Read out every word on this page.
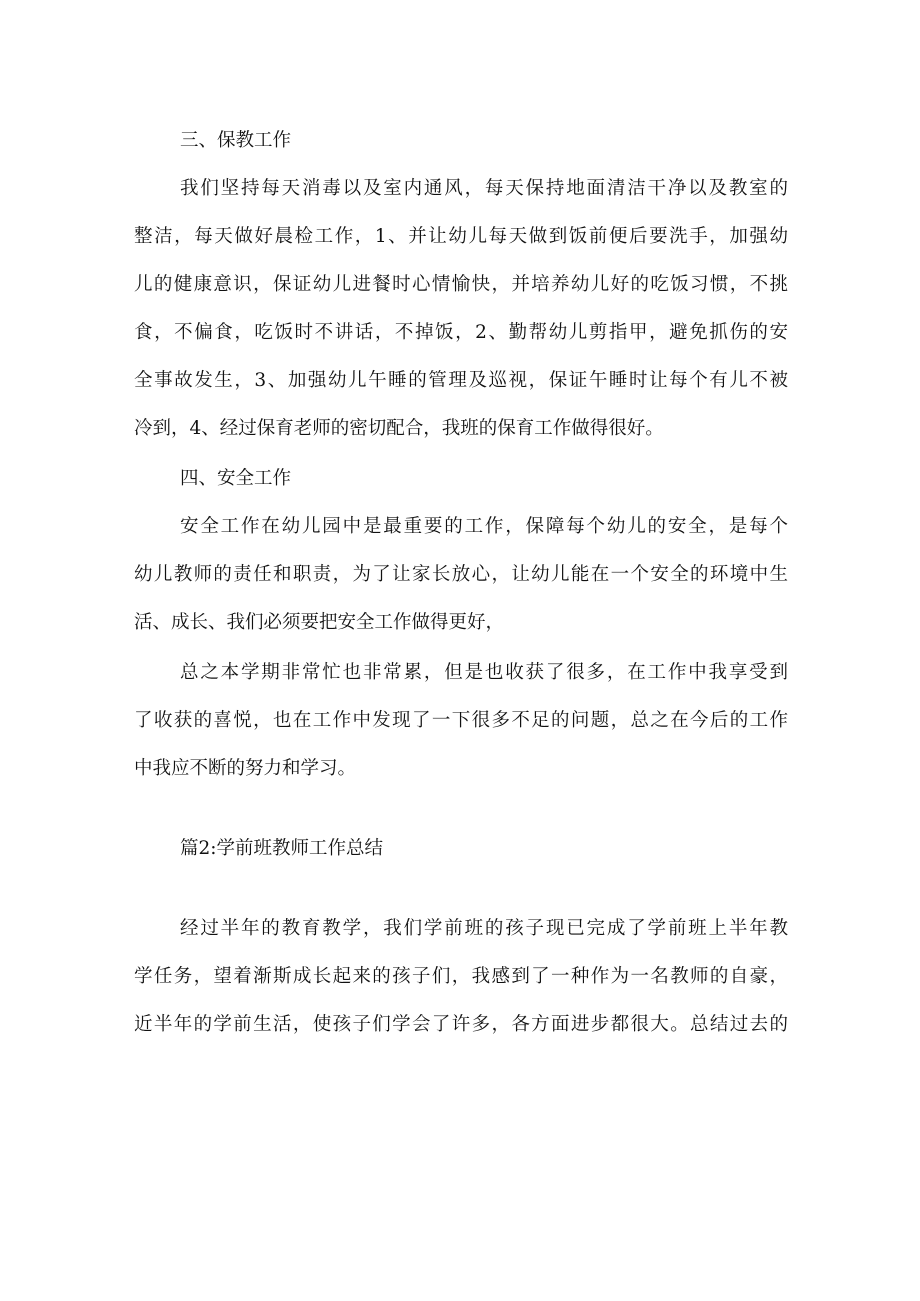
三、保教工作

我们坚持每天消毒以及室内通风，每天保持地面清洁干净以及教室的

整洁，每天做好晨检工作，1、并让幼儿每天做到饭前便后要洗手，加强幼

儿的健康意识，保证幼儿进餐时心情愉快，并培养幼儿好的吃饭习惯，不挑

食，不偏食，吃饭时不讲话，不掉饭，2、勤帮幼儿剪指甲，避免抓伤的安

全事故发生，3、加强幼儿午睡的管理及巡视，保证午睡时让每个有儿不被

冷到，4、经过保育老师的密切配合，我班的保育工作做得很好。

四、安全工作

安全工作在幼儿园中是最重要的工作，保障每个幼儿的安全，是每个

幼儿教师的责任和职责，为了让家长放心，让幼儿能在一个安全的环境中生

活、成长、我们必须要把安全工作做得更好，

总之本学期非常忙也非常累，但是也收获了很多，在工作中我享受到

了收获的喜悦，也在工作中发现了一下很多不足的问题，总之在今后的工作

中我应不断的努力和学习。

篇2:学前班教师工作总结

经过半年的教育教学，我们学前班的孩子现已完成了学前班上半年教

学任务，望着渐斯成长起来的孩子们，我感到了一种作为一名教师的自豪，

近半年的学前生活，使孩子们学会了许多，各方面进步都很大。总结过去的
